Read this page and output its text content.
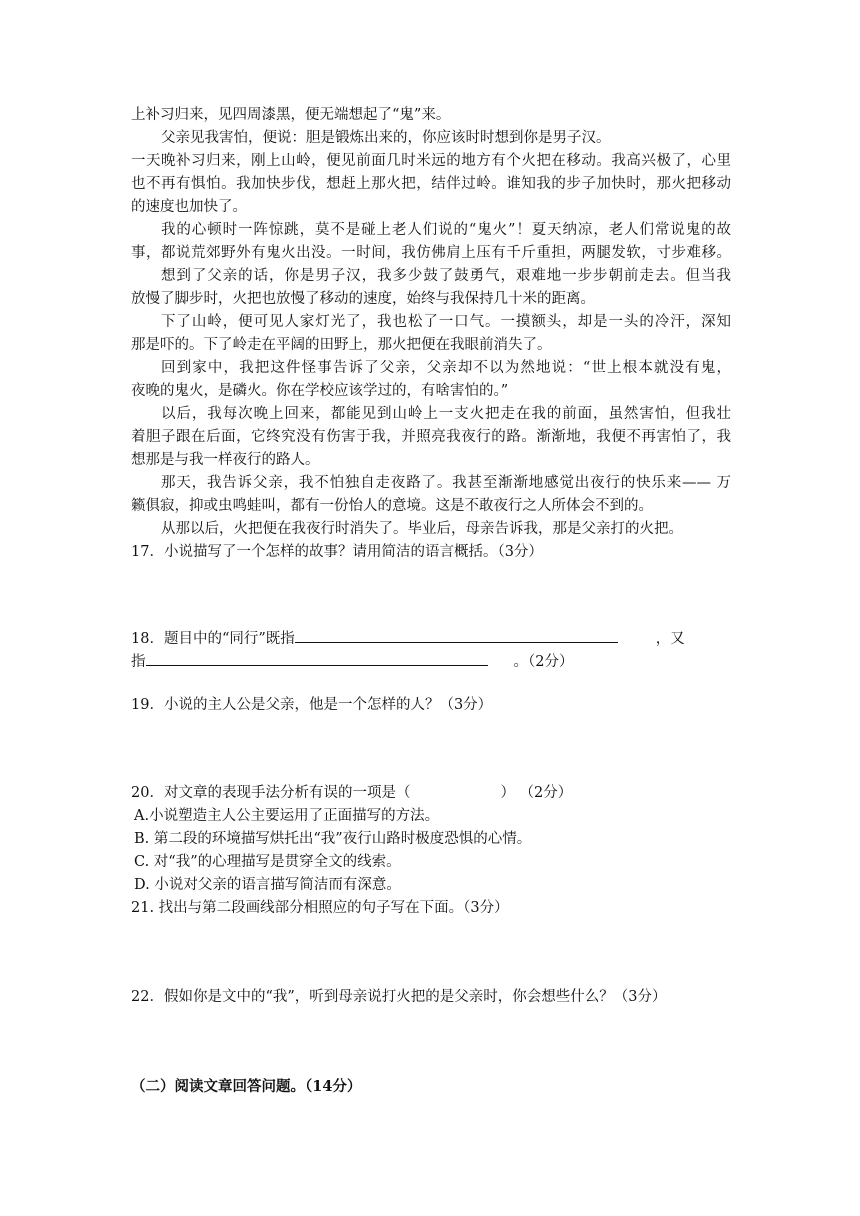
上补习归来，见四周漆黑，便无端想起了“鬼”来。
父亲见我害怕，便说：胆是锻炼出来的，你应该时时想到你是男子汉。
一天晚补习归来，刚上山岭，便见前面几时米远的地方有个火把在移动。我高兴极了，心里
也不再有惧怕。我加快步伐，想赶上那火把，结伴过岭。谁知我的步子加快时，那火把移动
的速度也加快了。
我的心顿时一阵惊跳，莫不是碰上老人们说的“鬼火”！夏天纳凉，老人们常说鬼的故
事，都说荒郊野外有鬼火出没。一时间，我仿佛肩上压有千斤重担，两腿发软，寸步难移。
想到了父亲的话，你是男子汉，我多少鼓了鼓勇气，艰难地一步步朝前走去。但当我
放慢了脚步时，火把也放慢了移动的速度，始终与我保持几十米的距离。
下了山岭，便可见人家灯光了，我也松了一口气。一摸额头，却是一头的冷汗，深知
那是吓的。下了岭走在平阔的田野上，那火把便在我眼前消失了。
回到家中，我把这件怪事告诉了父亲，父亲却不以为然地说：“世上根本就没有鬼，
夜晚的鬼火，是磷火。你在学校应该学过的，有啥害怕的。”
以后，我每次晚上回来，都能见到山岭上一支火把走在我的前面，虽然害怕，但我壮
着胆子跟在后面，它终究没有伤害于我，并照亮我夜行的路。渐渐地，我便不再害怕了，我
想那是与我一样夜行的路人。
那天，我告诉父亲，我不怕独自走夜路了。我甚至渐渐地感觉出夜行的快乐来—— 万
籁俱寂，抑或虫鸣蛙叫，都有一份怡人的意境。这是不敢夜行之人所体会不到的。
从那以后，火把便在我夜行时消失了。毕业后，母亲告诉我，那是父亲打的火把。
17．小说描写了一个怎样的故事？请用简洁的语言概括。（3分）
18．题目中的“同行”既指	，又
指	。（2分）
19．小说的主人公是父亲，他是一个怎样的人？（3分）
20．对文章的表现手法分析有误的一项是（	） （2分）
A.小说塑造主人公主要运用了正面描写的方法。
B. 第二段的环境描写烘托出“我”夜行山路时极度恐惧的心情。
C. 对“我”的心理描写是贯穿全文的线索。
D. 小说对父亲的语言描写简洁而有深意。
21. 找出与第二段画线部分相照应的句子写在下面。（3分）
22．假如你是文中的“我”，听到母亲说打火把的是父亲时，你会想些什么？（3分）
（二）阅读文章回答问题。（14分）
